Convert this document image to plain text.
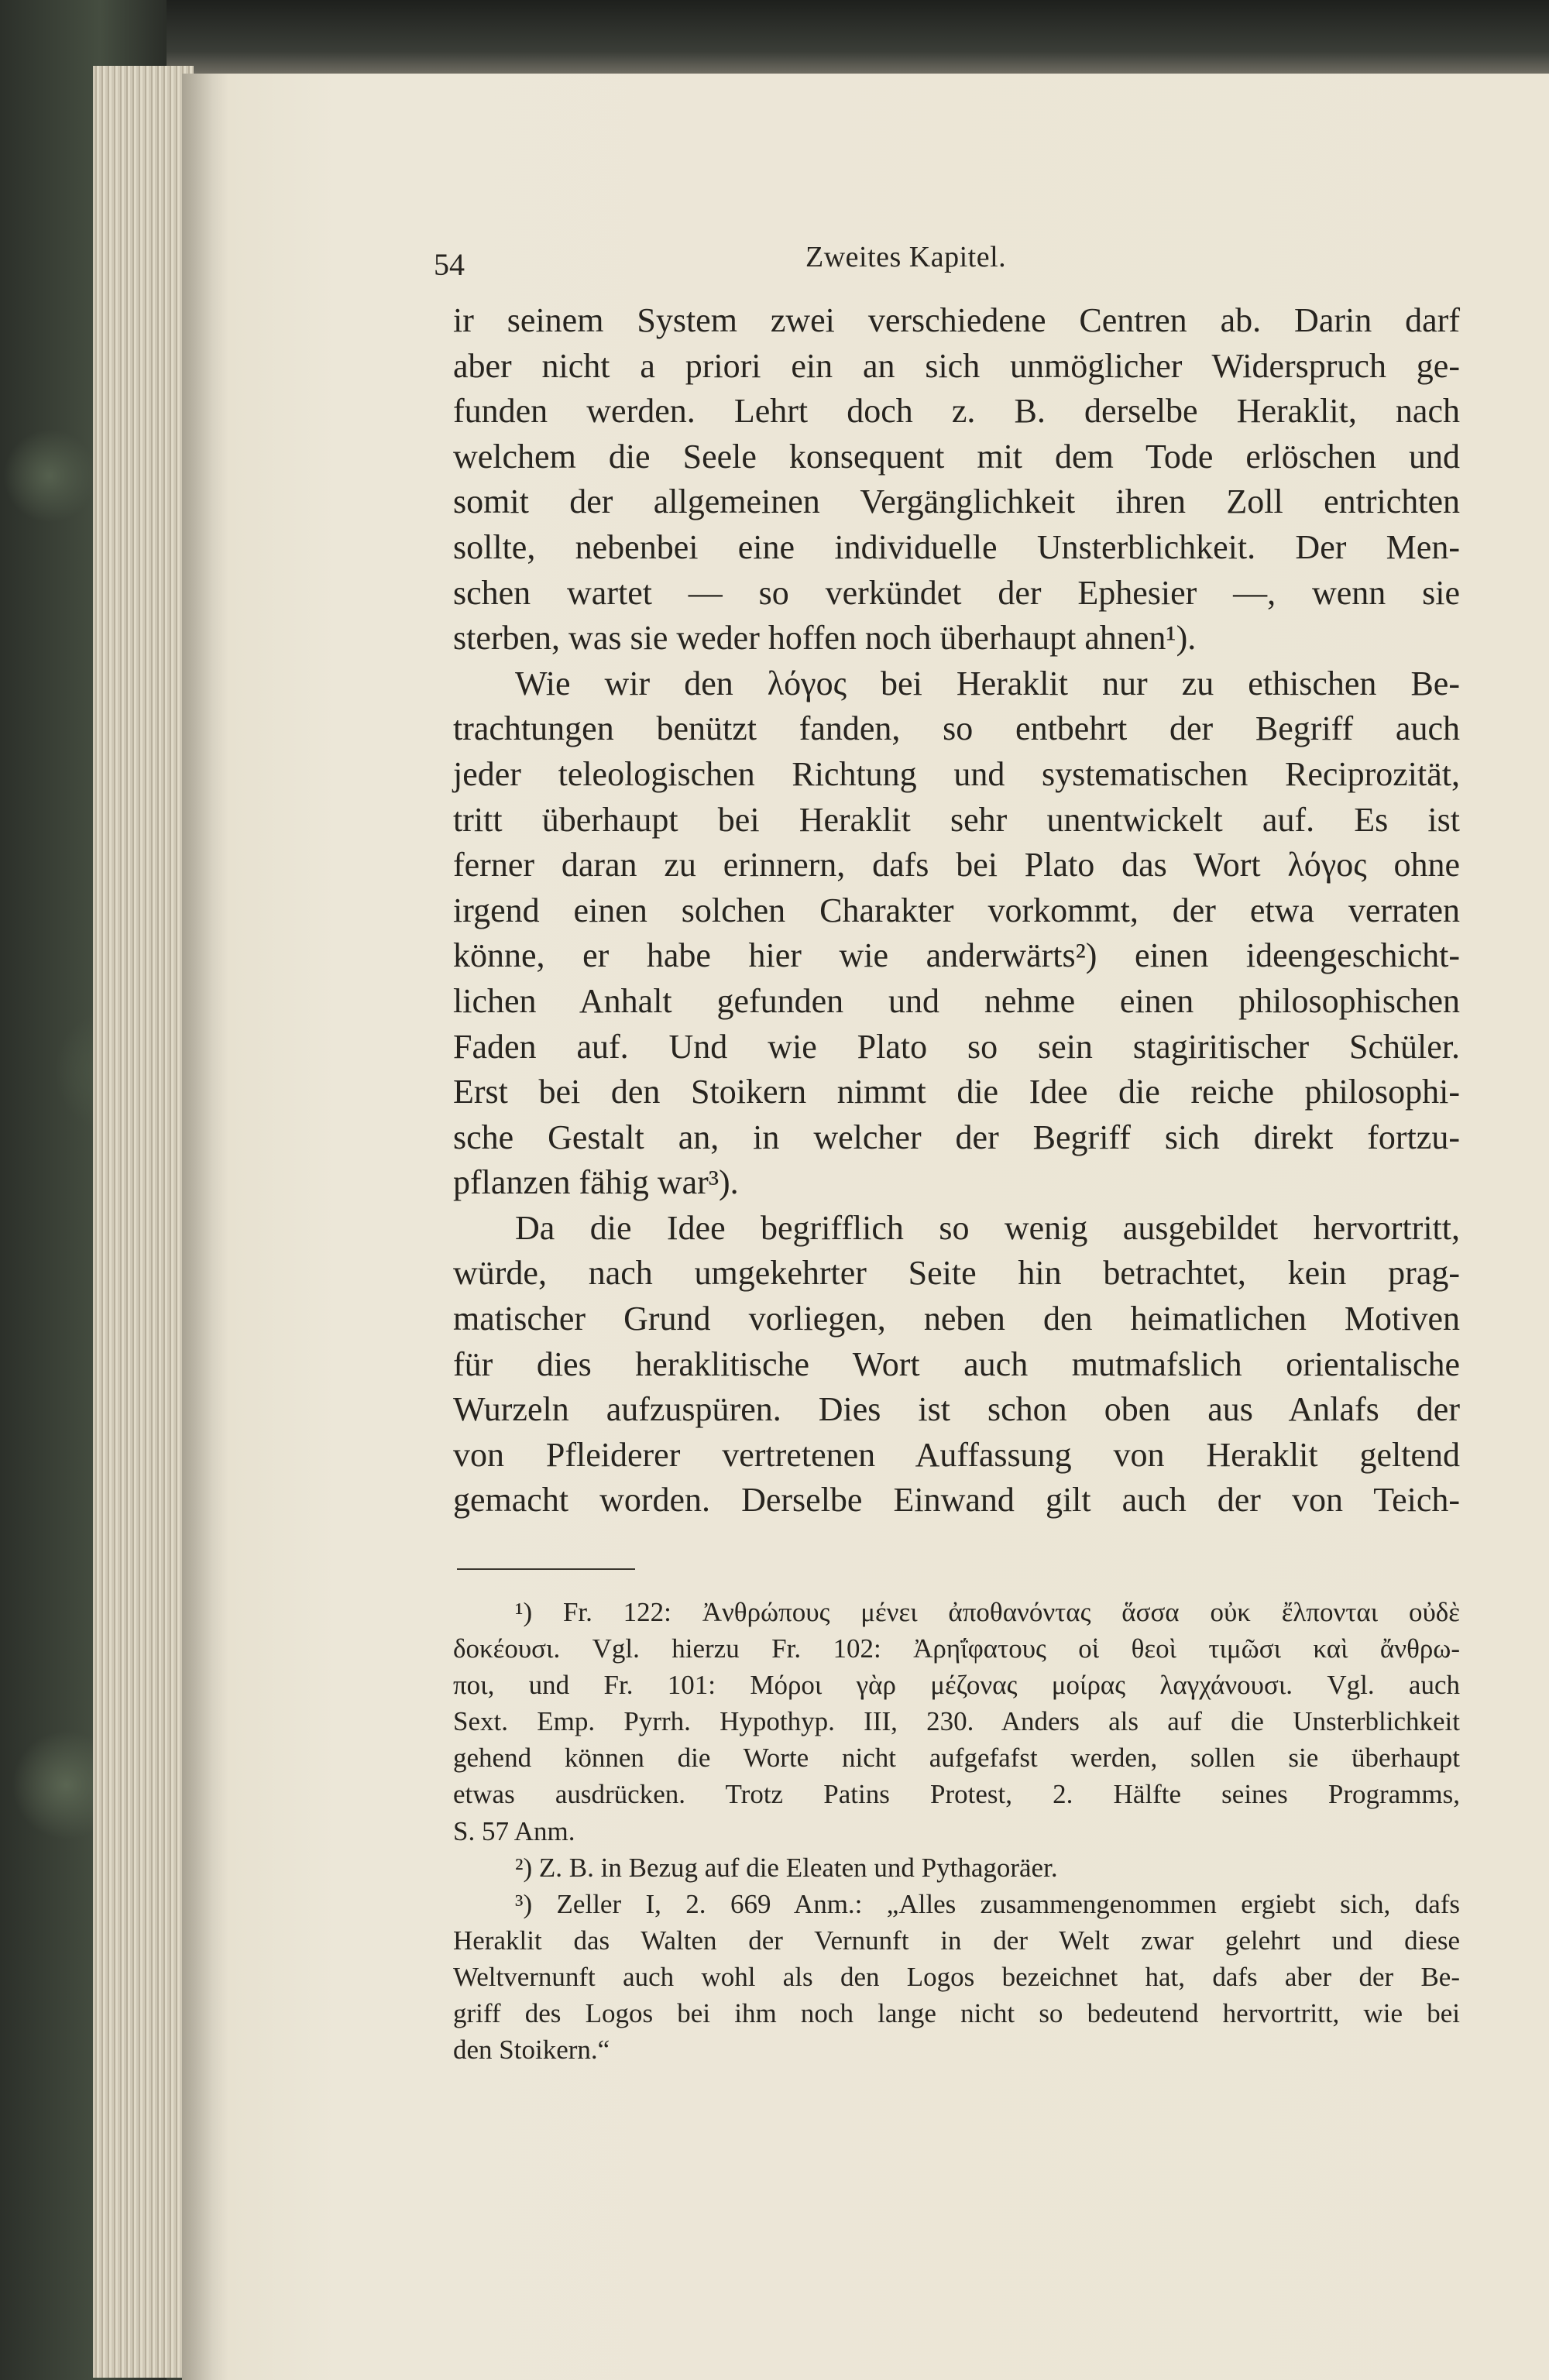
54	Zweites Kapitel.
ir seinem System zwei verschiedene Centren ab. Darin darf
aber nicht a priori ein an sich unmöglicher Widerspruch ge-
funden werden. Lehrt doch z. B. derselbe Heraklit, nach
welchem die Seele konsequent mit dem Tode erlöschen und
somit der allgemeinen Vergänglichkeit ihren Zoll entrichten
sollte, nebenbei eine individuelle Unsterblichkeit. Der Men-
schen wartet — so verkündet der Ephesier —, wenn sie
sterben, was sie weder hoffen noch überhaupt ahnen¹).
Wie wir den λόγος bei Heraklit nur zu ethischen Be-
trachtungen benützt fanden, so entbehrt der Begriff auch
jeder teleologischen Richtung und systematischen Reciprozität,
tritt überhaupt bei Heraklit sehr unentwickelt auf. Es ist
ferner daran zu erinnern, dafs bei Plato das Wort λόγος ohne
irgend einen solchen Charakter vorkommt, der etwa verraten
könne, er habe hier wie anderwärts²) einen ideengeschicht-
lichen Anhalt gefunden und nehme einen philosophischen
Faden auf. Und wie Plato so sein stagiritischer Schüler.
Erst bei den Stoikern nimmt die Idee die reiche philosophi-
sche Gestalt an, in welcher der Begriff sich direkt fortzu-
pflanzen fähig war³).
Da die Idee begrifflich so wenig ausgebildet hervortritt,
würde, nach umgekehrter Seite hin betrachtet, kein prag-
matischer Grund vorliegen, neben den heimatlichen Motiven
für dies heraklitische Wort auch mutmafslich orientalische
Wurzeln aufzuspüren. Dies ist schon oben aus Anlafs der
von Pfleiderer vertretenen Auffassung von Heraklit geltend
gemacht worden. Derselbe Einwand gilt auch der von Teich-
¹) Fr. 122: Ἀνθρώπους μένει ἀποθανόντας ἅσσα οὐκ ἔλπονται οὐδὲ
δοκέουσι. Vgl. hierzu Fr. 102: Ἀρηΐφατους οἱ θεοὶ τιμῶσι καὶ ἄνθρω-
ποι, und Fr. 101: Μόροι γὰρ μέζονας μοίρας λαγχάνουσι. Vgl. auch
Sext. Emp. Pyrrh. Hypothyp. III, 230. Anders als auf die Unsterblichkeit
gehend können die Worte nicht aufgefafst werden, sollen sie überhaupt
etwas ausdrücken. Trotz Patins Protest, 2. Hälfte seines Programms,
S. 57 Anm.
²) Z. B. in Bezug auf die Eleaten und Pythagoräer.
³) Zeller I, 2. 669 Anm.: „Alles zusammengenommen ergiebt sich, dafs
Heraklit das Walten der Vernunft in der Welt zwar gelehrt und diese
Weltvernunft auch wohl als den Logos bezeichnet hat, dafs aber der Be-
griff des Logos bei ihm noch lange nicht so bedeutend hervortritt, wie bei
den Stoikern.“
